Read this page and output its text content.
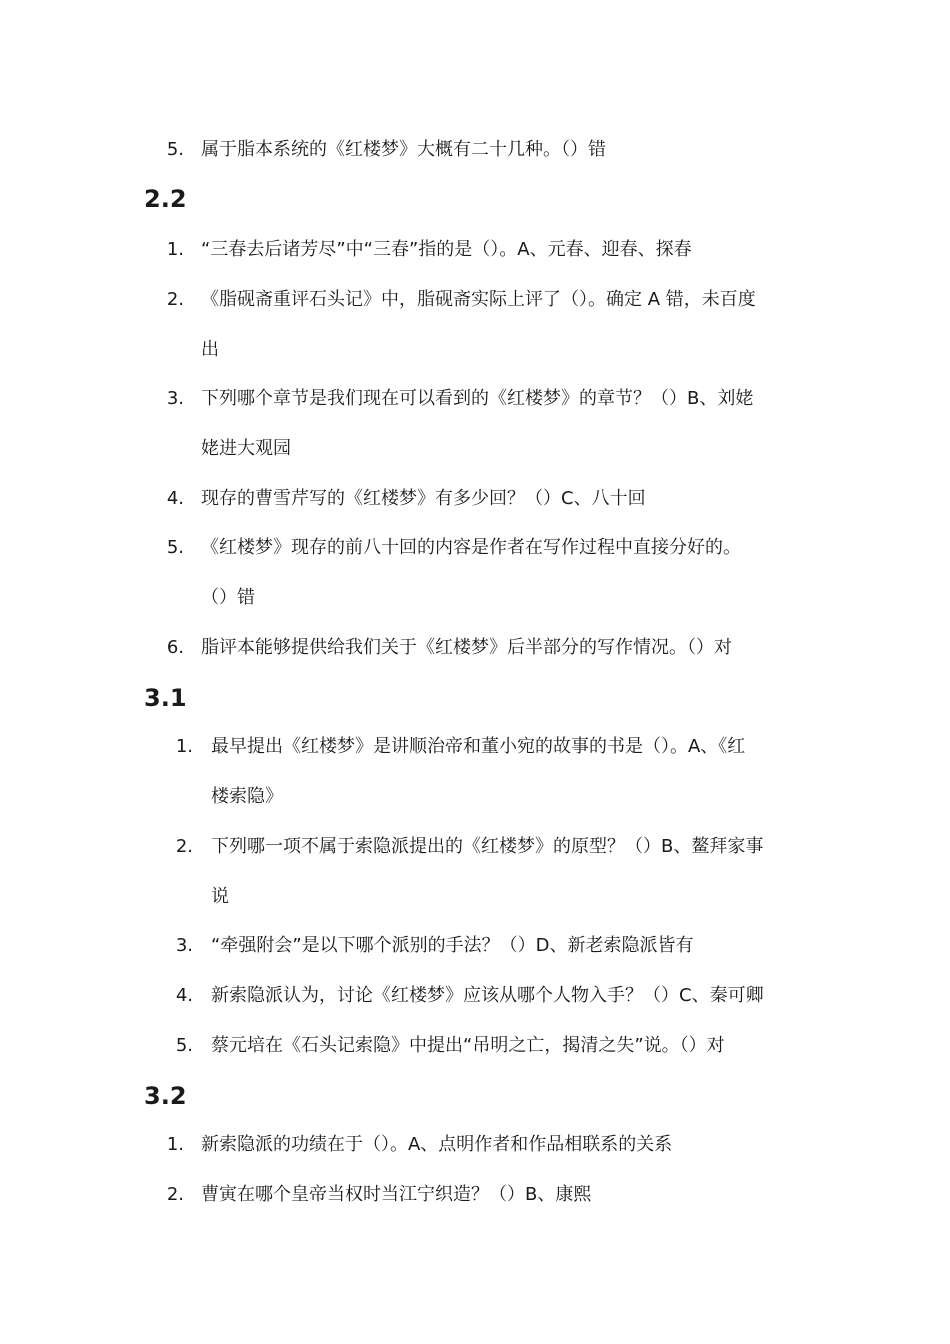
5. 属于脂本系统的《红楼梦》大概有二十几种。（）错
2.2
1. “三春去后诸芳尽”中“三春”指的是（）。A、元春、迎春、探春
2. 《脂砚斋重评石头记》中，脂砚斋实际上评了（）。确定 A 错，未百度
出
3. 下列哪个章节是我们现在可以看到的《红楼梦》的章节？（）B、刘姥
姥进大观园
4. 现存的曹雪芹写的《红楼梦》有多少回？（）C、八十回
5. 《红楼梦》现存的前八十回的内容是作者在写作过程中直接分好的。
（）错
6. 脂评本能够提供给我们关于《红楼梦》后半部分的写作情况。（）对
3.1
1. 最早提出《红楼梦》是讲顺治帝和董小宛的故事的书是（）。A、《红
楼索隐》
2. 下列哪一项不属于索隐派提出的《红楼梦》的原型？（）B、鳌拜家事
说
3. “牵强附会”是以下哪个派别的手法？（）D、新老索隐派皆有
4. 新索隐派认为，讨论《红楼梦》应该从哪个人物入手？（）C、秦可卿
5. 蔡元培在《石头记索隐》中提出“吊明之亡，揭清之失”说。（）对
3.2
1. 新索隐派的功绩在于（）。A、点明作者和作品相联系的关系
2. 曹寅在哪个皇帝当权时当江宁织造？（）B、康熙
